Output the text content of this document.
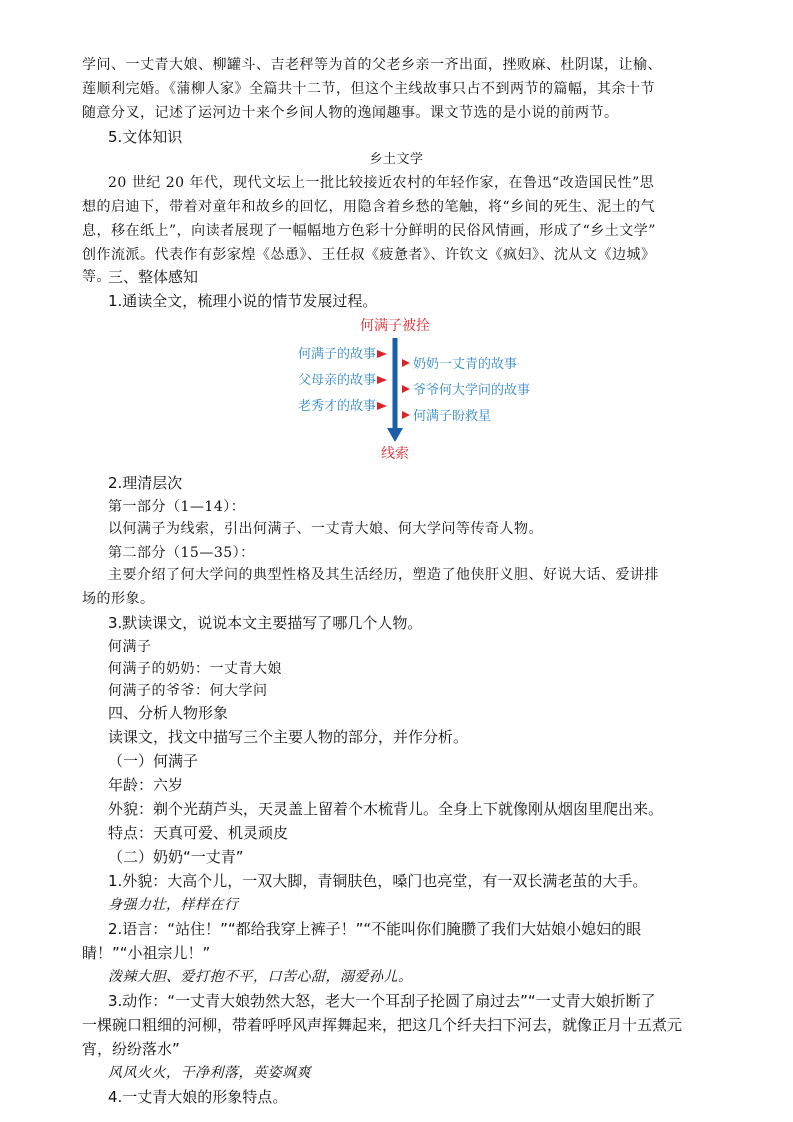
学问、一丈青大娘、柳罐斗、吉老秤等为首的父老乡亲一齐出面，挫败麻、杜阴谋，让榆、
莲顺利完婚。《蒲柳人家》全篇共十二节，但这个主线故事只占不到两节的篇幅，其余十节
随意分叉，记述了运河边十来个乡间人物的逸闻趣事。课文节选的是小说的前两节。
5.文体知识
乡土文学
20 世纪 20 年代，现代文坛上一批比较接近农村的年轻作家，在鲁迅“改造国民性”思
想的启迪下，带着对童年和故乡的回忆，用隐含着乡愁的笔触，将“乡间的死生、泥土的气
息，移在纸上”，向读者展现了一幅幅地方色彩十分鲜明的民俗风情画，形成了“乡土文学”
创作流派。代表作有彭家煌《怂恿》、王任叔《疲惫者》、许钦文《疯妇》、沈从文《边城》
等。
三、整体感知
1.通读全文，梳理小说的情节发展过程。
何满子被拴
何满子的故事
父母亲的故事
老秀才的故事
奶奶一丈青的故事
爷爷何大学问的故事
何满子盼救星
线索
2.理清层次
第一部分（1—14）：
以何满子为线索，引出何满子、一丈青大娘、何大学问等传奇人物。
第二部分（15—35）：
主要介绍了何大学问的典型性格及其生活经历，塑造了他侠肝义胆、好说大话、爱讲排
场的形象。
3.默读课文，说说本文主要描写了哪几个人物。
何满子
何满子的奶奶：一丈青大娘
何满子的爷爷：何大学问
四、分析人物形象
读课文，找文中描写三个主要人物的部分，并作分析。
（一）何满子
年龄：六岁
外貌：剃个光葫芦头，天灵盖上留着个木梳背儿。全身上下就像刚从烟囱里爬出来。
特点：天真可爱、机灵顽皮
（二）奶奶“一丈青”
1.外貌：大高个儿，一双大脚，青铜肤色，嗓门也亮堂，有一双长满老茧的大手。
身强力壮，样样在行
2.语言：“站住！”“都给我穿上裤子！”“不能叫你们腌臜了我们大姑娘小媳妇的眼
睛！”“小祖宗儿！”
泼辣大胆、爱打抱不平，口苦心甜，溺爱孙儿。
3.动作：“一丈青大娘勃然大怒，老大一个耳刮子抡圆了扇过去”“一丈青大娘折断了
一棵碗口粗细的河柳，带着呼呼风声挥舞起来，把这几个纤夫扫下河去，就像正月十五煮元
宵，纷纷落水”
风风火火，干净利落，英姿飒爽
4.一丈青大娘的形象特点。
